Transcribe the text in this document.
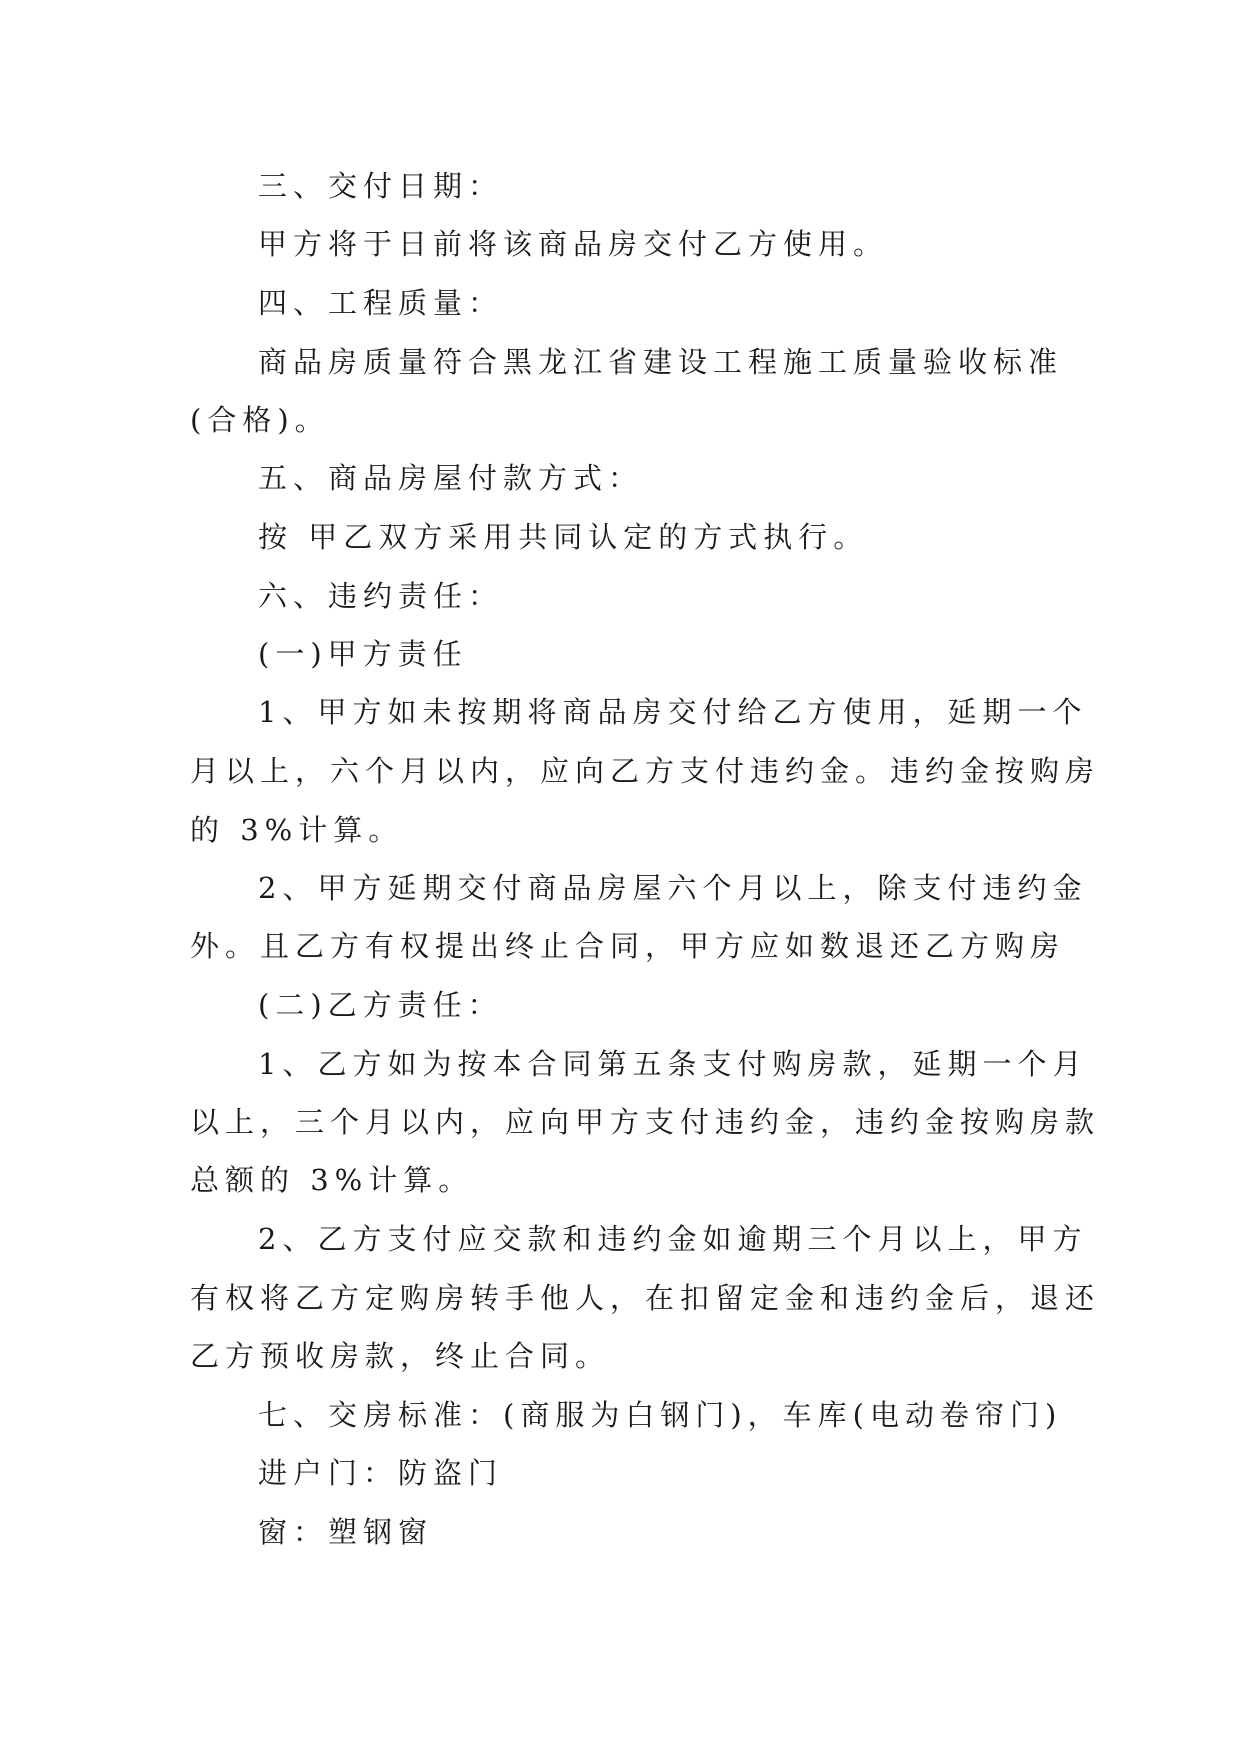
三、交付日期：
甲方将于日前将该商品房交付乙方使用。
四、工程质量：
商品房质量符合黑龙江省建设工程施工质量验收标准
(合格)。
五、商品房屋付款方式：
按 甲乙双方采用共同认定的方式执行。
六、违约责任：
(一)甲方责任
1、甲方如未按期将商品房交付给乙方使用，延期一个
月以上，六个月以内，应向乙方支付违约金。违约金按购房
的 3%计算。
2、甲方延期交付商品房屋六个月以上，除支付违约金
外。且乙方有权提出终止合同，甲方应如数退还乙方购房
(二)乙方责任：
1、乙方如为按本合同第五条支付购房款，延期一个月
以上，三个月以内，应向甲方支付违约金，违约金按购房款
总额的 3%计算。
2、乙方支付应交款和违约金如逾期三个月以上，甲方
有权将乙方定购房转手他人，在扣留定金和违约金后，退还
乙方预收房款，终止合同。
七、交房标准：(商服为白钢门)，车库(电动卷帘门)
进户门：防盗门
窗：塑钢窗
